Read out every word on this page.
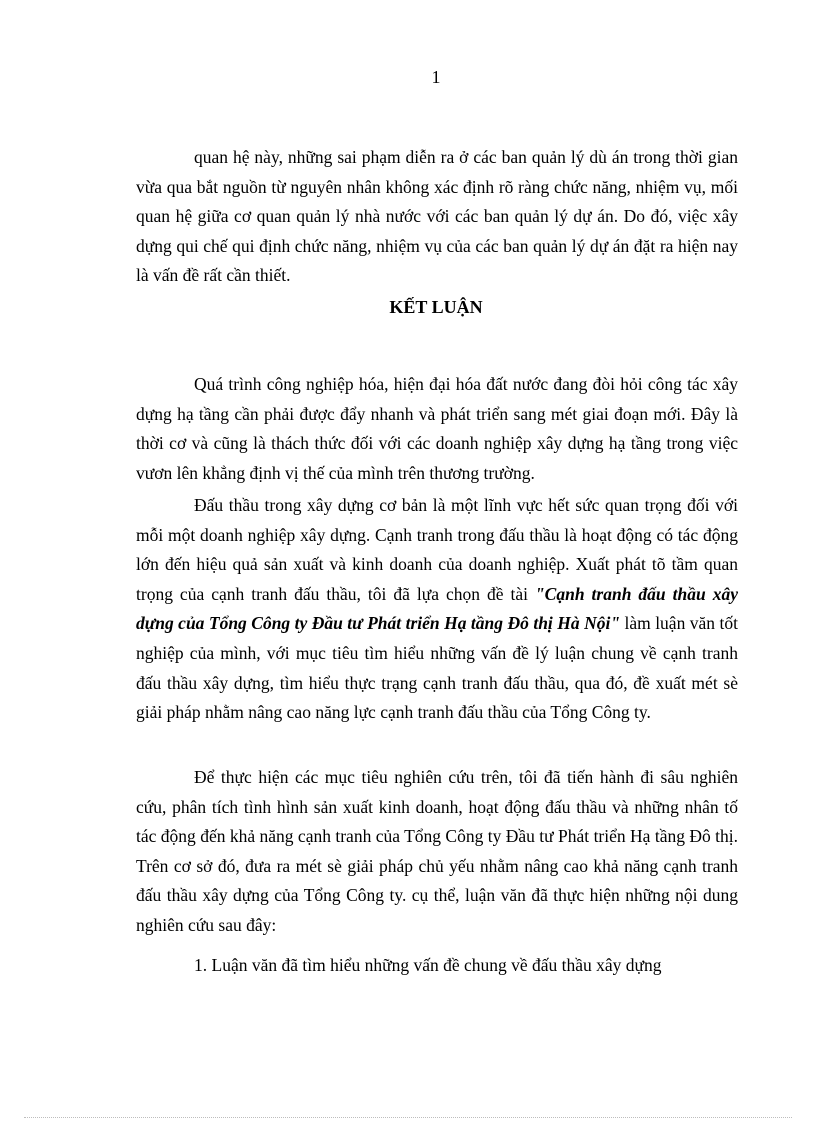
1

quan hệ này, những sai phạm diễn ra ở các ban quản lý dù án trong thời gian vừa qua bắt nguồn từ nguyên nhân không xác định rõ ràng chức năng, nhiệm vụ, mối quan hệ giữa cơ quan quản lý nhà nước với các ban quản lý dự án. Do đó, việc xây dựng qui chế qui định chức năng, nhiệm vụ của các ban quản lý dự án đặt ra hiện nay là vấn đề rất cần thiết.

KẾT LUẬN

Quá trình công nghiệp hóa, hiện đại hóa đất nước đang đòi hỏi công tác xây dựng hạ tầng cần phải được đẩy nhanh và phát triển sang mét giai đoạn mới. Đây là thời cơ và cũng là thách thức đối với các doanh nghiệp xây dựng hạ tầng trong việc vươn lên khẳng định vị thế của mình trên thương trường.

Đấu thầu trong xây dựng cơ bản là một lĩnh vực hết sức quan trọng đối với mỗi một doanh nghiệp xây dựng. Cạnh tranh trong đấu thầu là hoạt động có tác động lớn đến hiệu quả sản xuất và kinh doanh của doanh nghiệp. Xuất phát tõ tầm quan trọng của cạnh tranh đấu thầu, tôi đã lựa chọn đề tài "Cạnh tranh đấu thầu xây dựng của Tổng Công ty Đầu tư Phát triển Hạ tầng Đô thị Hà Nội" làm luận văn tốt nghiệp của mình, với mục tiêu tìm hiểu những vấn đề lý luận chung về cạnh tranh đấu thầu xây dựng, tìm hiểu thực trạng cạnh tranh đấu thầu, qua đó, đề xuất mét sè giải pháp nhằm nâng cao năng lực cạnh tranh đấu thầu của Tổng Công ty.

Để thực hiện các mục tiêu nghiên cứu trên, tôi đã tiến hành đi sâu nghiên cứu, phân tích tình hình sản xuất kinh doanh, hoạt động đấu thầu và những nhân tố tác động đến khả năng cạnh tranh của Tổng Công ty Đầu tư Phát triển Hạ tầng Đô thị. Trên cơ sở đó, đưa ra mét sè giải pháp chủ yếu nhằm nâng cao khả năng cạnh tranh đấu thầu xây dựng của Tổng Công ty. cụ thể, luận văn đã thực hiện những nội dung nghiên cứu sau đây:

1. Luận văn đã tìm hiểu những vấn đề chung về đấu thầu xây dựng
